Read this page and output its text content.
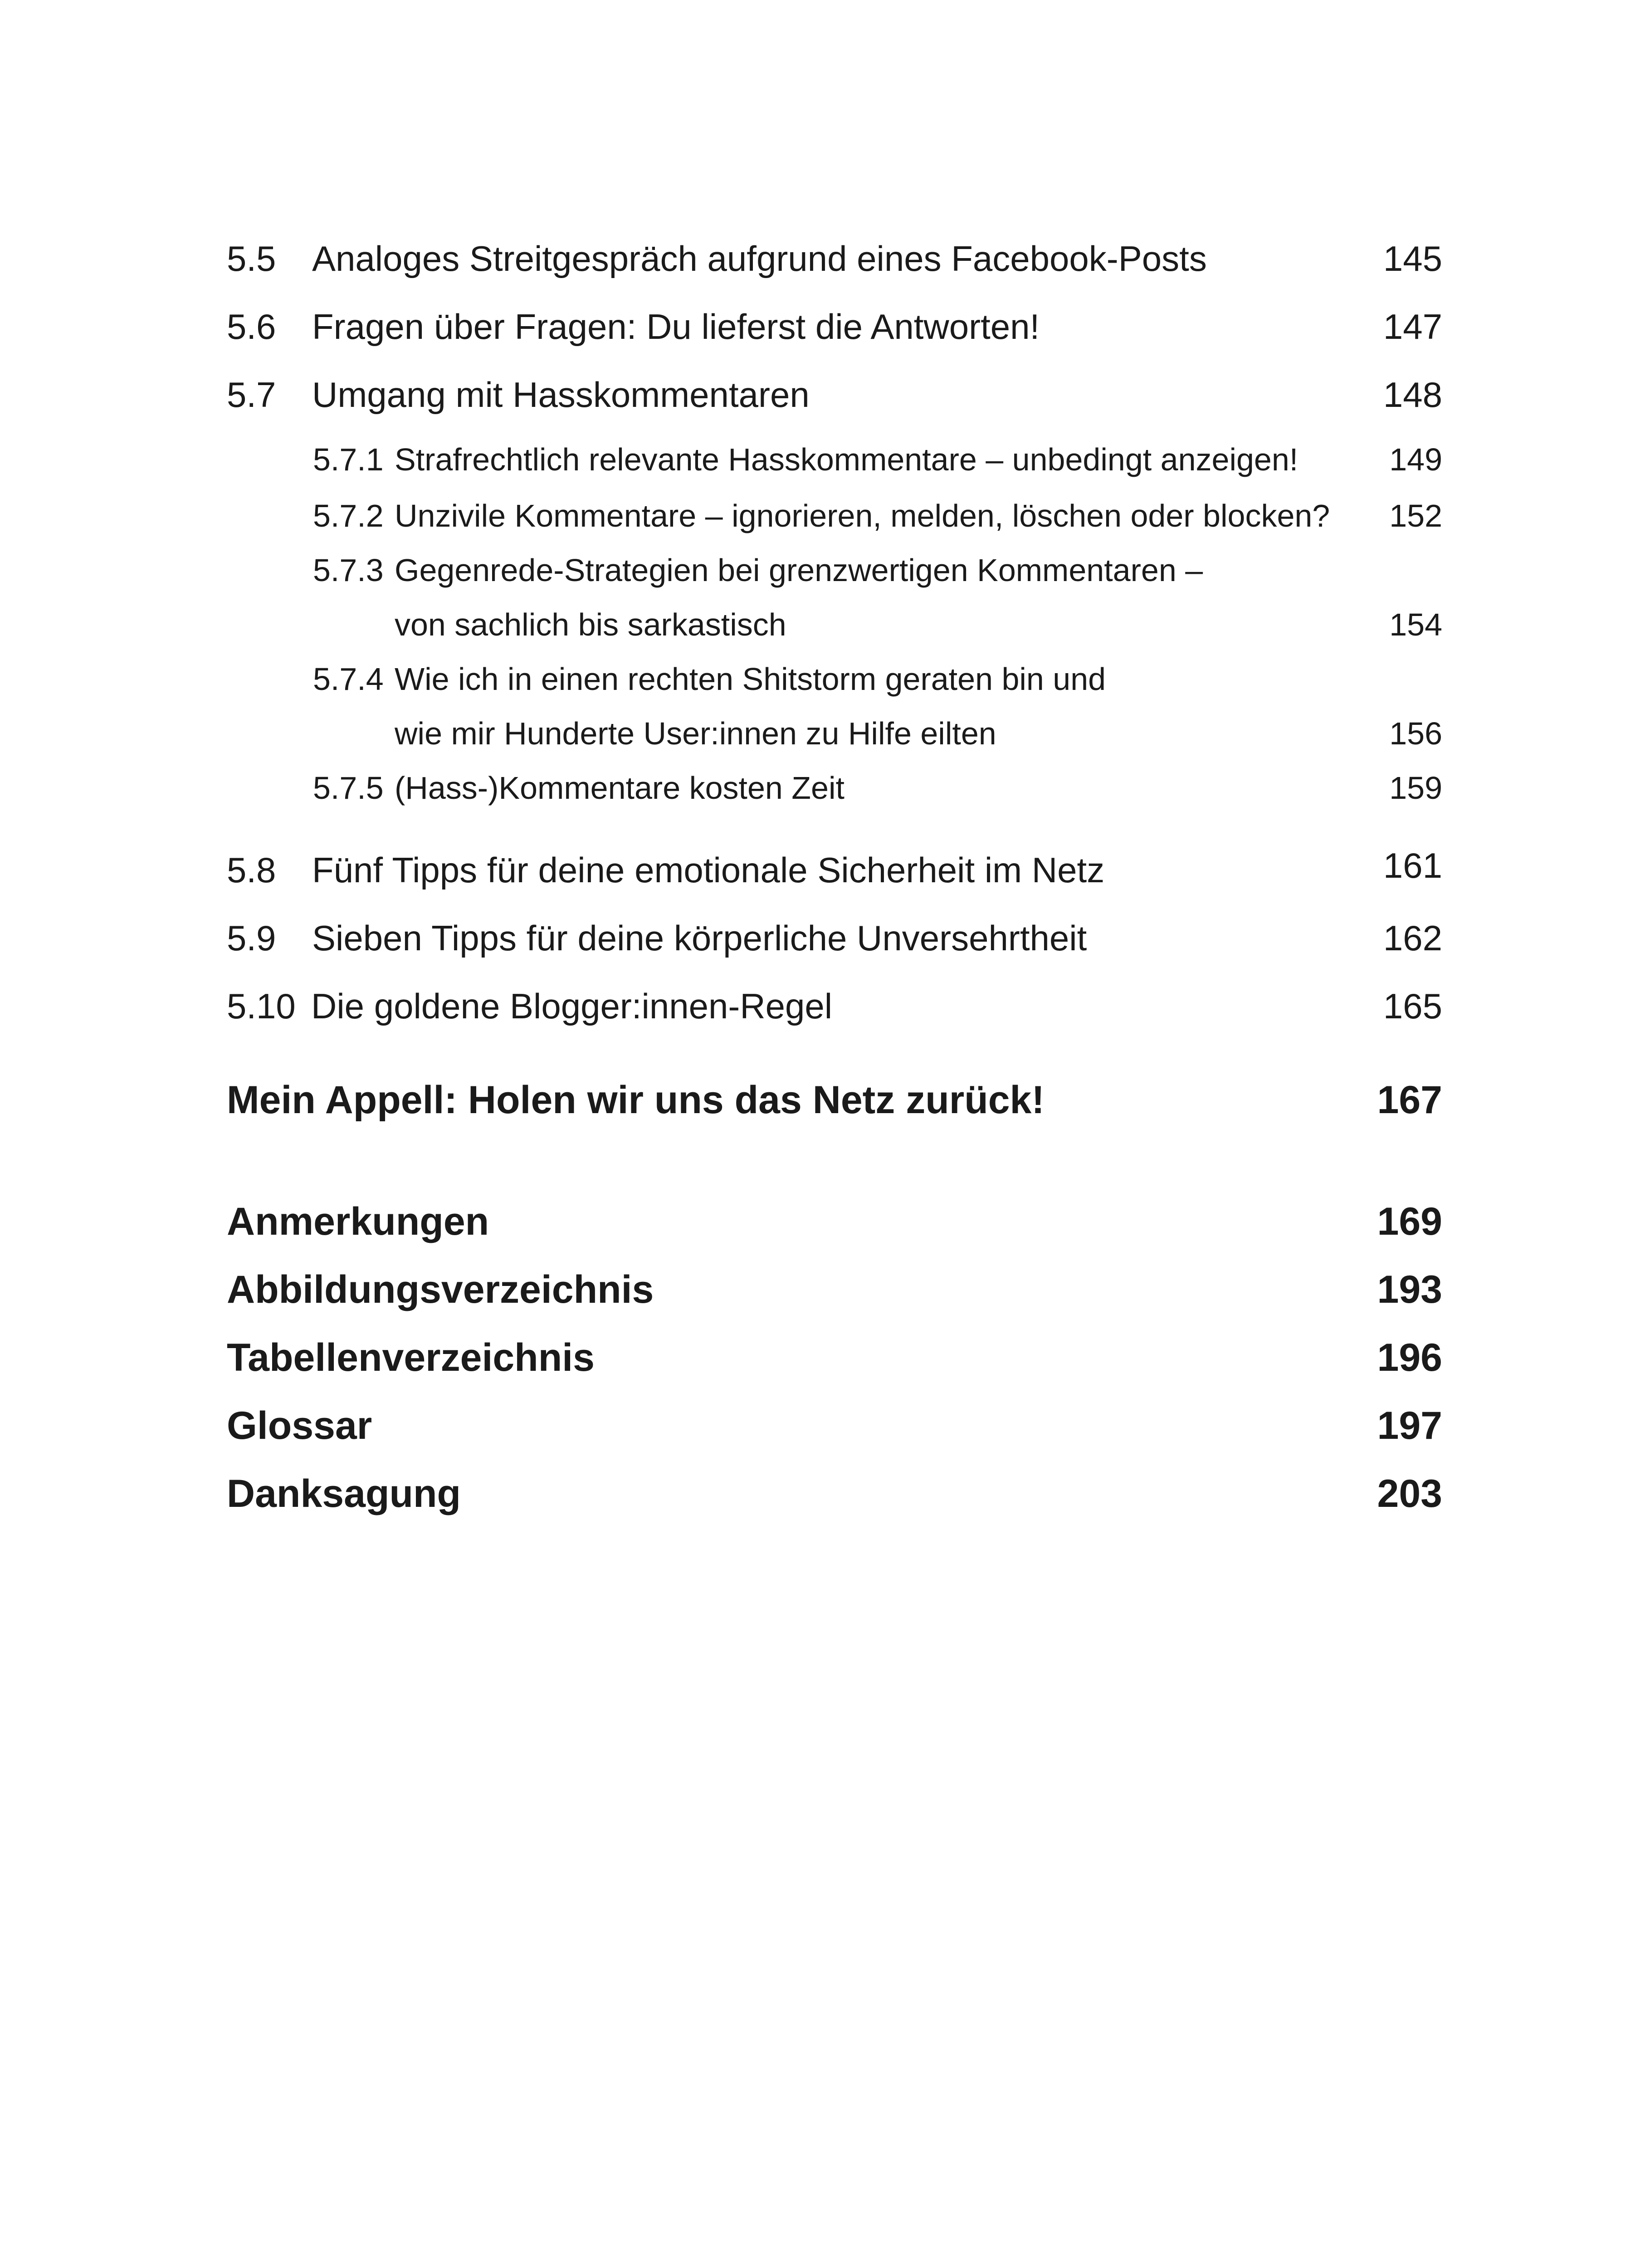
5.5 Analoges Streitgespräch aufgrund eines Facebook-Posts	145
5.6 Fragen über Fragen: Du lieferst die Antworten!	147
5.7 Umgang mit Hasskommentaren	148
5.7.1 Strafrechtlich relevante Hasskommentare – unbedingt anzeigen!	149
5.7.2 Unzivile Kommentare – ignorieren, melden, löschen oder blocken? 152
5.7.3 Gegenrede-Strategien bei grenzwertigen Kommentaren –
von sachlich bis sarkastisch	154
5.7.4 Wie ich in einen rechten Shitstorm geraten bin und
wie mir Hunderte User:innen zu Hilfe eilten	156
5.7.5 (Hass-)Kommentare kosten Zeit	159
5.8 Fünf Tipps für deine emotionale Sicherheit im Netz	161
5.9 Sieben Tipps für deine körperliche Unversehrtheit	162
5.10 Die goldene Blogger:innen-Regel	165
Mein Appell: Holen wir uns das Netz zurück!	167
Anmerkungen	169
Abbildungsverzeichnis	193
Tabellenverzeichnis	196
Glossar	197
Danksagung	203
